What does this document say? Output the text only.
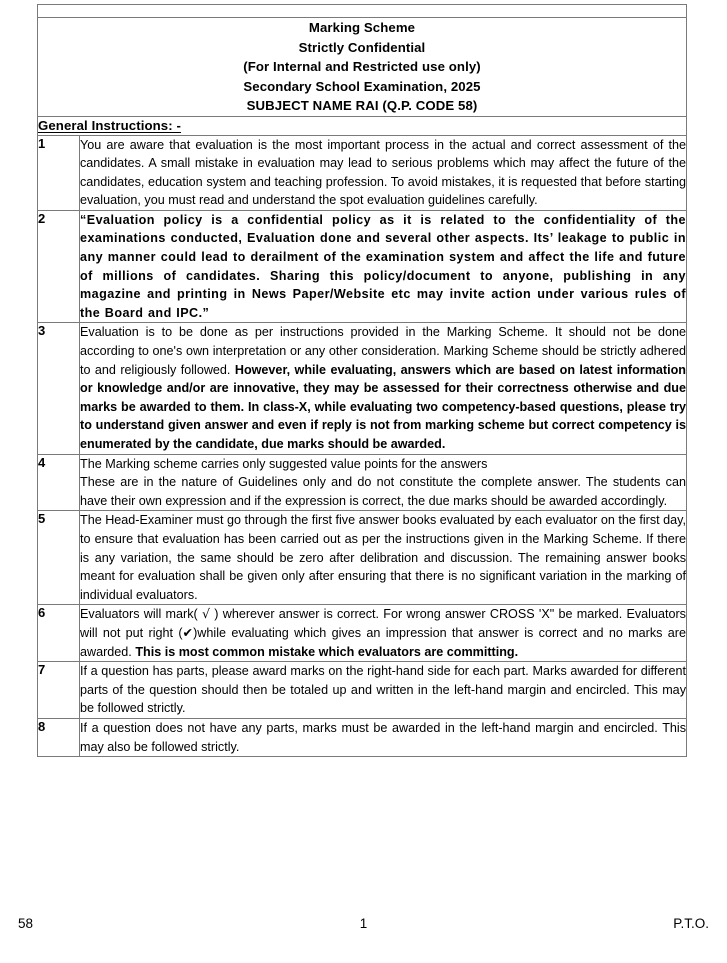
Marking Scheme
Strictly Confidential
(For Internal and Restricted use only)
Secondary School Examination, 2025
SUBJECT NAME RAI (Q.P. CODE 58)	

General Instructions: -	
1	You are aware that evaluation is the most important process in the actual and correct assessment of the candidates. A small mistake in evaluation may lead to serious problems which may affect the future of the candidates, education system and teaching profession. To avoid mistakes, it is requested that before starting evaluation, you must read and understand the spot evaluation guidelines carefully.

2	“Evaluation policy is a confidential policy as it is related to the confidentiality of the examinations conducted, Evaluation done and several other aspects. Its’ leakage to public in any manner could lead to derailment of the examination system and affect the life and future of millions of candidates. Sharing this policy/document to anyone, publishing in any magazine and printing in News Paper/Website etc may invite action under various rules of the Board and IPC.”

3	Evaluation is to be done as per instructions provided in the Marking Scheme. It should not be done according to one's own interpretation or any other consideration. Marking Scheme should be strictly adhered to and religiously followed. However, while evaluating, answers which are based on latest information or knowledge and/or are innovative, they may be assessed for their correctness otherwise and due marks be awarded to them. In class-X, while evaluating two competency-based questions, please try to understand given answer and even if reply is not from marking scheme but correct competency is enumerated by the candidate, due marks should be awarded.

4	The Marking scheme carries only suggested value points for the answers

These are in the nature of Guidelines only and do not constitute the complete answer. The students can have their own expression and if the expression is correct, the due marks should be awarded accordingly.

5	The Head-Examiner must go through the first five answer books evaluated by each evaluator on the first day, to ensure that evaluation has been carried out as per the instructions given in the Marking Scheme. If there is any variation, the same should be zero after delibration and discussion. The remaining answer books meant for evaluation shall be given only after ensuring that there is no significant variation in the marking of individual evaluators.

6	Evaluators will mark( √ ) wherever answer is correct. For wrong answer CROSS 'X" be marked. Evaluators will not put right (✔)while evaluating which gives an impression that answer is correct and no marks are awarded. This is most common mistake which evaluators are committing.

7	If a question has parts, please award marks on the right-hand side for each part. Marks awarded for different parts of the question should then be totaled up and written in the left-hand margin and encircled. This may be followed strictly.

8	If a question does not have any parts, marks must be awarded in the left-hand margin and encircled. This may also be followed strictly.

58	1	P.T.O.
